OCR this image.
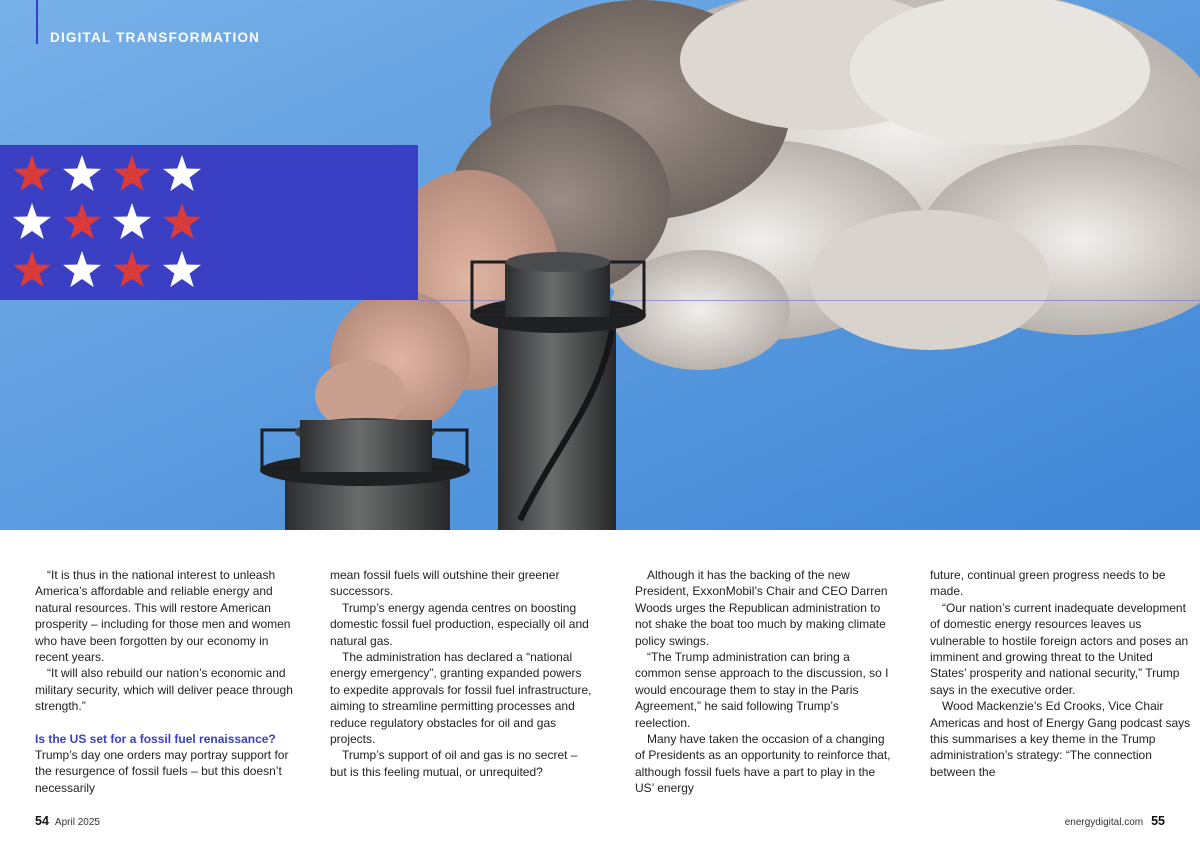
DIGITAL TRANSFORMATION

“It is thus in the national interest to unleash America’s affordable and reliable energy and natural resources. This will restore American prosperity – including for those men and women who have been forgotten by our economy in recent years.

“It will also rebuild our nation’s economic and military security, which will deliver peace through strength.”

Is the US set for a fossil fuel renaissance?

Trump’s day one orders may portray support for the resurgence of fossil fuels – but this doesn’t necessarily

mean fossil fuels will outshine their greener successors.

Trump’s energy agenda centres on boosting domestic fossil fuel production, especially oil and natural gas.

The administration has declared a “national energy emergency”, granting expanded powers to expedite approvals for fossil fuel infrastructure, aiming to streamline permitting processes and reduce regulatory obstacles for oil and gas projects.

Trump’s support of oil and gas is no secret – but is this feeling mutual, or unrequited?

Although it has the backing of the new President, ExxonMobil’s Chair and CEO Darren Woods urges the Republican administration to not shake the boat too much by making climate policy swings.

“The Trump administration can bring a common sense approach to the discussion, so I would encourage them to stay in the Paris Agreement,” he said following Trump’s reelection.

Many have taken the occasion of a changing of Presidents as an opportunity to reinforce that, although fossil fuels have a part to play in the US’ energy

future, continual green progress needs to be made.

“Our nation’s current inadequate development of domestic energy resources leaves us vulnerable to hostile foreign actors and poses an imminent and growing threat to the United States’ prosperity and national security,” Trump says in the executive order.

Wood Mackenzie’s Ed Crooks, Vice Chair Americas and host of Energy Gang podcast says this summarises a key theme in the Trump administration’s strategy: “The connection between the

54 April 2025	energydigital.com 55
